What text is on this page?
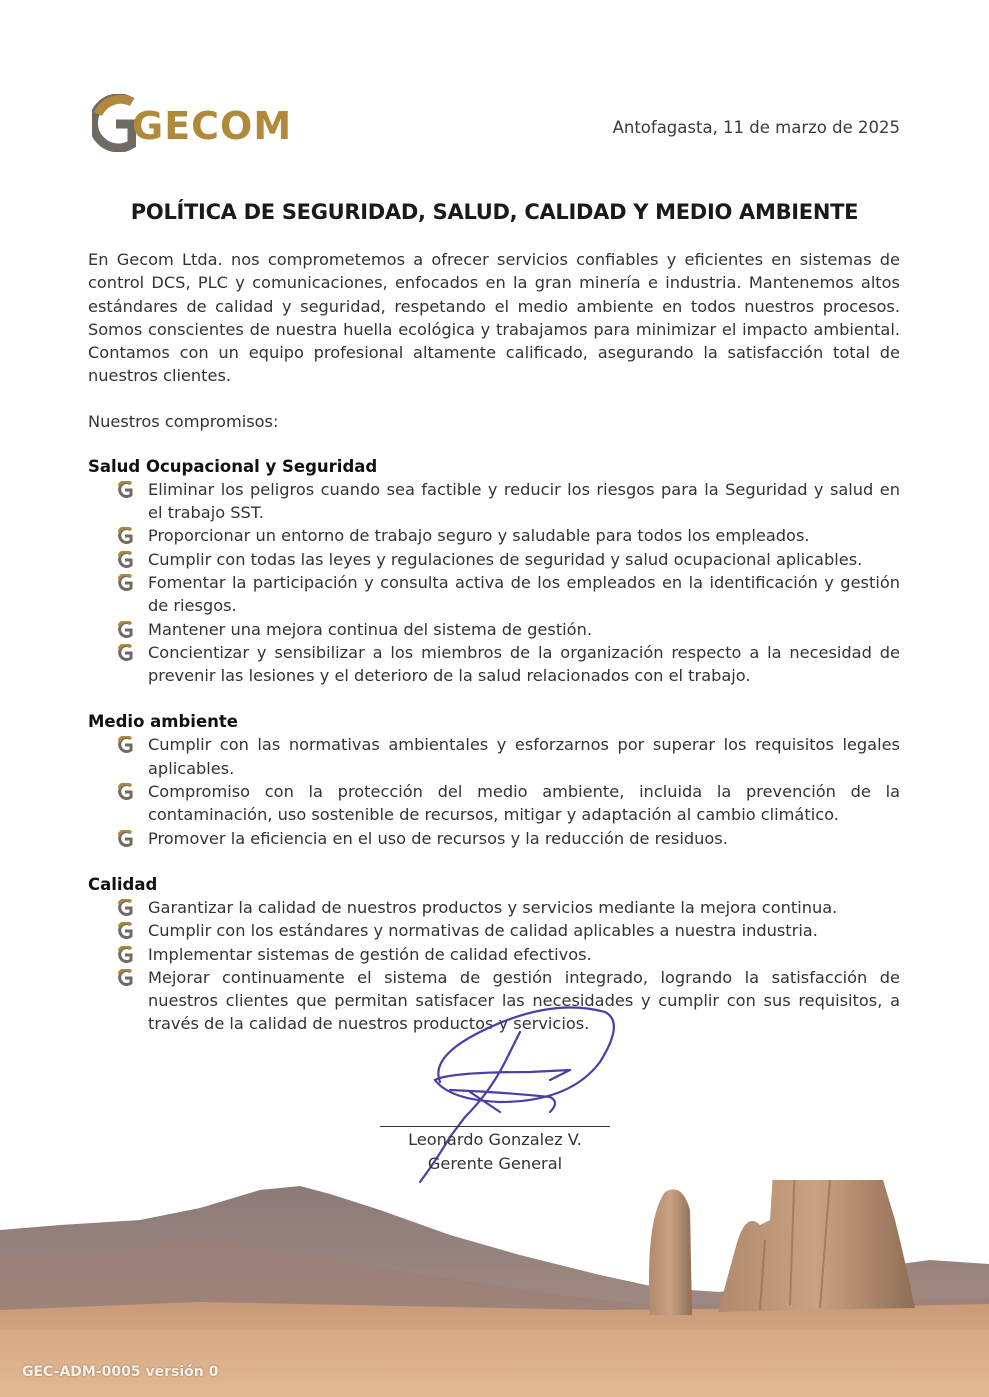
GECOM	Antofagasta, 11 de marzo de 2025
POLÍTICA DE SEGURIDAD, SALUD, CALIDAD Y MEDIO AMBIENTE

En Gecom Ltda. nos comprometemos a ofrecer servicios confiables y eficientes en sistemas de control DCS, PLC y comunicaciones, enfocados en la gran minería e industria. Mantenemos altos estándares de calidad y seguridad, respetando el medio ambiente en todos nuestros procesos. Somos conscientes de nuestra huella ecológica y trabajamos para minimizar el impacto ambiental. Contamos con un equipo profesional altamente calificado, asegurando la satisfacción total de nuestros clientes.

Nuestros compromisos:
Salud Ocupacional y Seguridad
Eliminar los peligros cuando sea factible y reducir los riesgos para la Seguridad y salud en el trabajo SST.
Proporcionar un entorno de trabajo seguro y saludable para todos los empleados.
Cumplir con todas las leyes y regulaciones de seguridad y salud ocupacional aplicables.
Fomentar la participación y consulta activa de los empleados en la identificación y gestión de riesgos.
Mantener una mejora continua del sistema de gestión.
Concientizar y sensibilizar a los miembros de la organización respecto a la necesidad de prevenir las lesiones y el deterioro de la salud relacionados con el trabajo.
Medio ambiente
Cumplir con las normativas ambientales y esforzarnos por superar los requisitos legales aplicables.
Compromiso con la protección del medio ambiente, incluida la prevención de la contaminación, uso sostenible de recursos, mitigar y adaptación al cambio climático.
Promover la eficiencia en el uso de recursos y la reducción de residuos.
Calidad
Garantizar la calidad de nuestros productos y servicios mediante la mejora continua.
Cumplir con los estándares y normativas de calidad aplicables a nuestra industria.
Implementar sistemas de gestión de calidad efectivos.
Mejorar continuamente el sistema de gestión integrado, logrando la satisfacción de nuestros clientes que permitan satisfacer las necesidades y cumplir con sus requisitos, a través de la calidad de nuestros productos y servicios.
Leonardo Gonzalez V.
Gerente General
GEC-ADM-0005 versión 0
